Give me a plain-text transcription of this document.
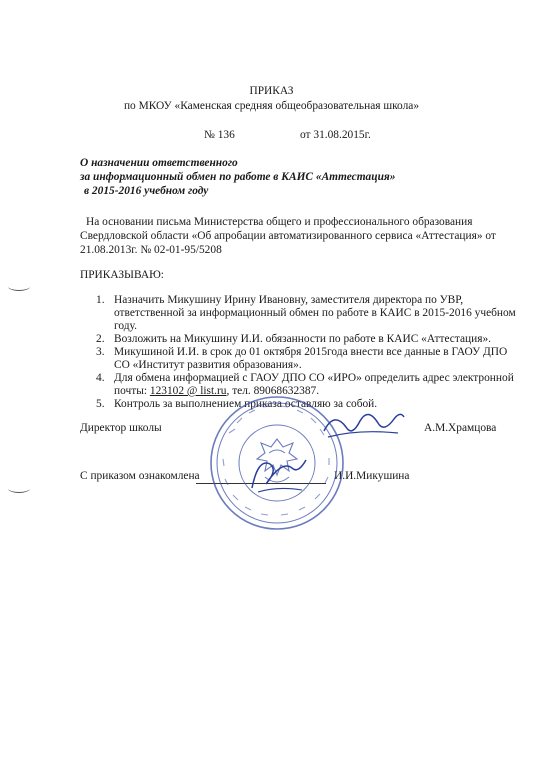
ПРИКАЗ
по МКОУ «Каменская средняя общеобразовательная школа»
№ 136	от 31.08.2015г.
О назначении ответственного
за информационный обмен по работе в КАИС «Аттестация»
в 2015-2016 учебном году
На основании письма Министерства общего и профессионального образования
Свердловской области «Об апробации автоматизированного сервиса «Аттестация» от
21.08.2013г. № 02-01-95/5208
ПРИКАЗЫВАЮ:
1. Назначить Микушину Ирину Ивановну, заместителя директора по УВР,
ответственной за информационный обмен по работе в КАИС в 2015-2016 учебном
году.
2. Возложить на Микушину И.И. обязанности по работе в КАИС «Аттестация».
3. Микушиной И.И. в срок до 01 октября 2015года внести все данные в ГАОУ ДПО
СО «Институт развития образования».
4. Для обмена информацией с ГАОУ ДПО СО «ИРО» определить адрес электронной
почты: 123102 @ list.ru, тел. 89068632387.
5. Контроль за выполнением приказа оставляю за собой.
Директор школы	А.М.Храмцова
С приказом ознакомлена	И.И.Микушина
